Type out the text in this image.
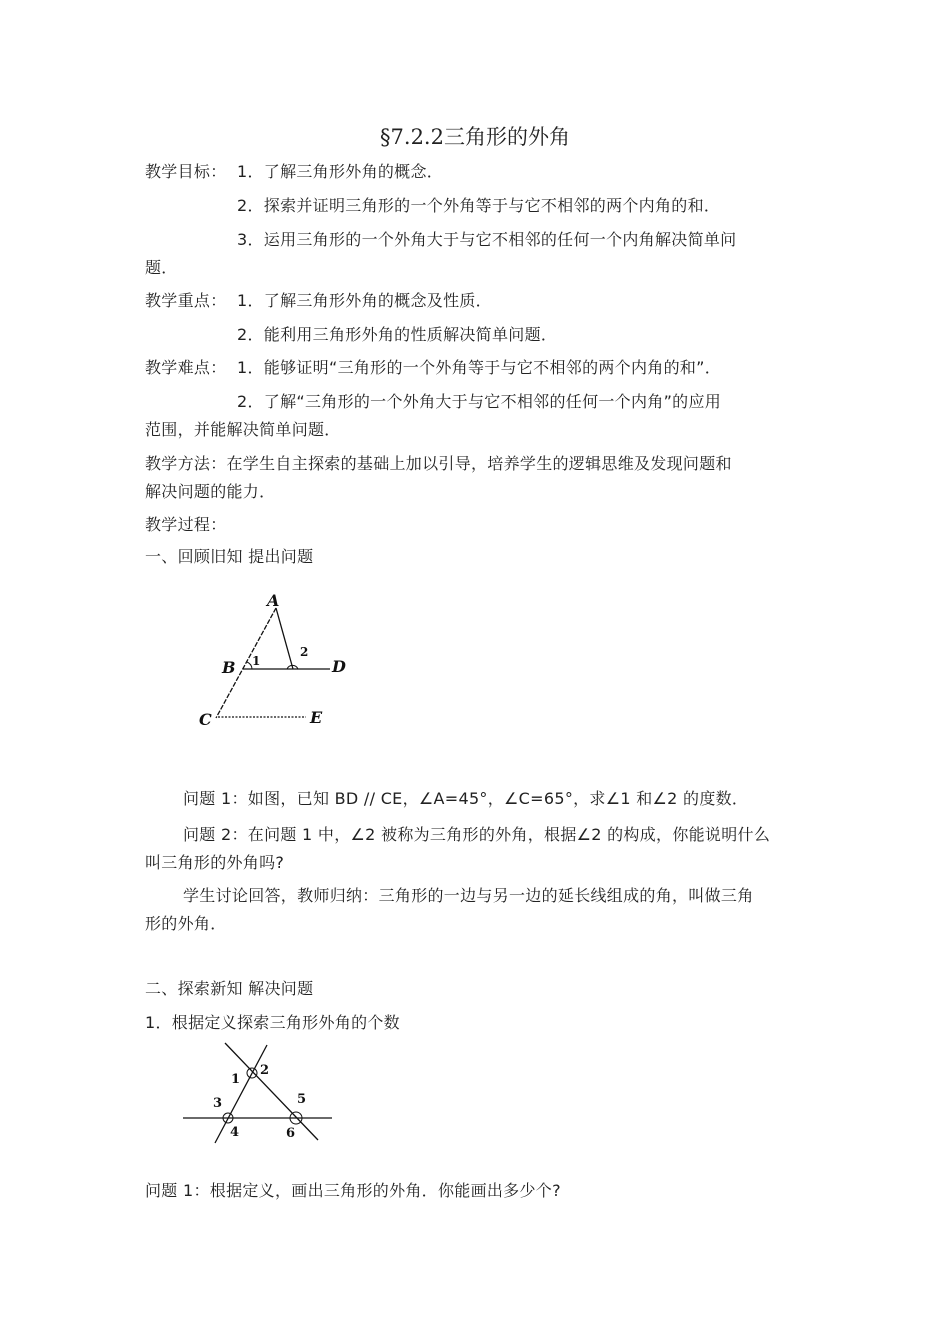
§7.2.2三角形的外角
教学目标： 1．了解三角形外角的概念．
2．探索并证明三角形的一个外角等于与它不相邻的两个内角的和．
3．运用三角形的一个外角大于与它不相邻的任何一个内角解决简单问
题．
教学重点： 1．了解三角形外角的概念及性质．
2．能利用三角形外角的性质解决简单问题．
教学难点： 1．能够证明“三角形的一个外角等于与它不相邻的两个内角的和”．
2．了解“三角形的一个外角大于与它不相邻的任何一个内角”的应用
范围，并能解决简单问题．
教学方法：在学生自主探索的基础上加以引导，培养学生的逻辑思维及发现问题和
解决问题的能力．
教学过程：
一、回顾旧知 提出问题
A
B
C
D
E
1
2
问题 1：如图，已知 BD // CE，∠A=45°，∠C=65°，求∠1 和∠2 的度数．
问题 2：在问题 1 中，∠2 被称为三角形的外角，根据∠2 的构成，你能说明什么
叫三角形的外角吗?
学生讨论回答，教师归纳：三角形的一边与另一边的延长线组成的角，叫做三角
形的外角．
二、探索新知 解决问题
1．根据定义探索三角形外角的个数
1
2
3
4
5
6
问题 1：根据定义，画出三角形的外角．你能画出多少个?
